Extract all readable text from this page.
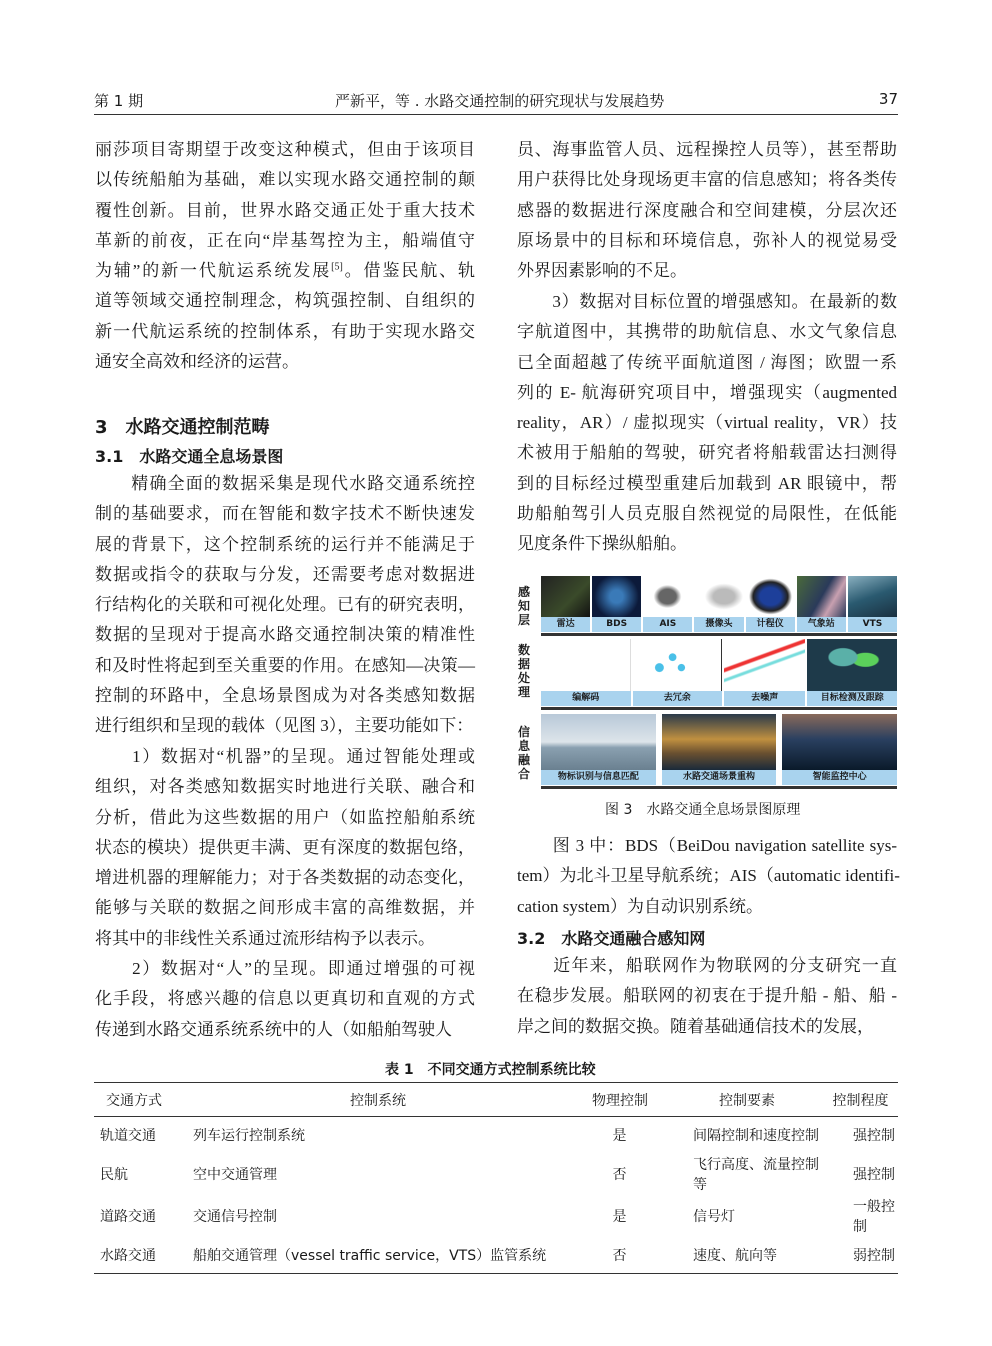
第 1 期	严新平，等 . 水路交通控制的研究现状与发展趋势	37
丽莎项目寄期望于改变这种模式，但由于该项目
以传统船舶为基础，难以实现水路交通控制的颠
覆性创新。目前，世界水路交通正处于重大技术
革新的前夜，正在向“岸基驾控为主，船端值守
为辅”的新一代航运系统发展[5]。借鉴民航、轨
道等领域交通控制理念，构筑强控制、自组织的
新一代航运系统的控制体系，有助于实现水路交
通安全高效和经济的运营。
3　水路交通控制范畴
3.1　水路交通全息场景图
　　精确全面的数据采集是现代水路交通系统控
制的基础要求，而在智能和数字技术不断快速发
展的背景下，这个控制系统的运行并不能满足于
数据或指令的获取与分发，还需要考虑对数据进
行结构化的关联和可视化处理。已有的研究表明，
数据的呈现对于提高水路交通控制决策的精准性
和及时性将起到至关重要的作用。在感知—决策—
控制的环路中，全息场景图成为对各类感知数据
进行组织和呈现的载体（见图 3），主要功能如下：
　　1）数据对“机器”的呈现。通过智能处理或
组织，对各类感知数据实时地进行关联、融合和
分析，借此为这些数据的用户（如监控船舶系统
状态的模块）提供更丰满、更有深度的数据包络，
增进机器的理解能力；对于各类数据的动态变化，
能够与关联的数据之间形成丰富的高维数据，并
将其中的非线性关系通过流形结构予以表示。
　　2）数据对“人”的呈现。即通过增强的可视
化手段，将感兴趣的信息以更真切和直观的方式
传递到水路交通系统系统中的人（如船舶驾驶人
员、海事监管人员、远程操控人员等），甚至帮助
用户获得比处身现场更丰富的信息感知；将各类传
感器的数据进行深度融合和空间建模，分层次还
原场景中的目标和环境信息，弥补人的视觉易受
外界因素影响的不足。
　　3）数据对目标位置的增强感知。在最新的数
字航道图中，其携带的助航信息、水文气象信息
已全面超越了传统平面航道图 / 海图；欧盟一系
列的 E- 航海研究项目中，增强现实（augmented
reality，AR）/ 虚拟现实（virtual reality，VR）技
术被用于船舶的驾驶，研究者将船载雷达扫测得
到的目标经过模型重建后加载到 AR 眼镜中，帮
助船舶驾引人员克服自然视觉的局限性，在低能
见度条件下操纵船舶。
感知层
数据处理
信息融合
雷达	BDS	AIS	摄像头	计程仪	气象站	VTS
编解码	去冗余	去噪声	目标检测及跟踪
物标识别与信息匹配	水路交通场景重构	智能监控中心
图 3　水路交通全息场景图原理
　　图 3 中：BDS（BeiDou navigation satellite sys-
tem）为北斗卫星导航系统；AIS（automatic identifi-
cation system）为自动识别系统。
3.2　水路交通融合感知网
　　近年来，船联网作为物联网的分支研究一直
在稳步发展。船联网的初衷在于提升船 - 船、船 -
岸之间的数据交换。随着基础通信技术的发展，
表 1　不同交通方式控制系统比较
交通方式	控制系统	物理控制	控制要素	控制程度
轨道交通	列车运行控制系统	是	间隔控制和速度控制	强控制
民航	空中交通管理	否	飞行高度、流量控制等	强控制
道路交通	交通信号控制	是	信号灯	一般控制
水路交通	船舶交通管理（vessel traffic service，VTS）监管系统	否	速度、航向等	弱控制
